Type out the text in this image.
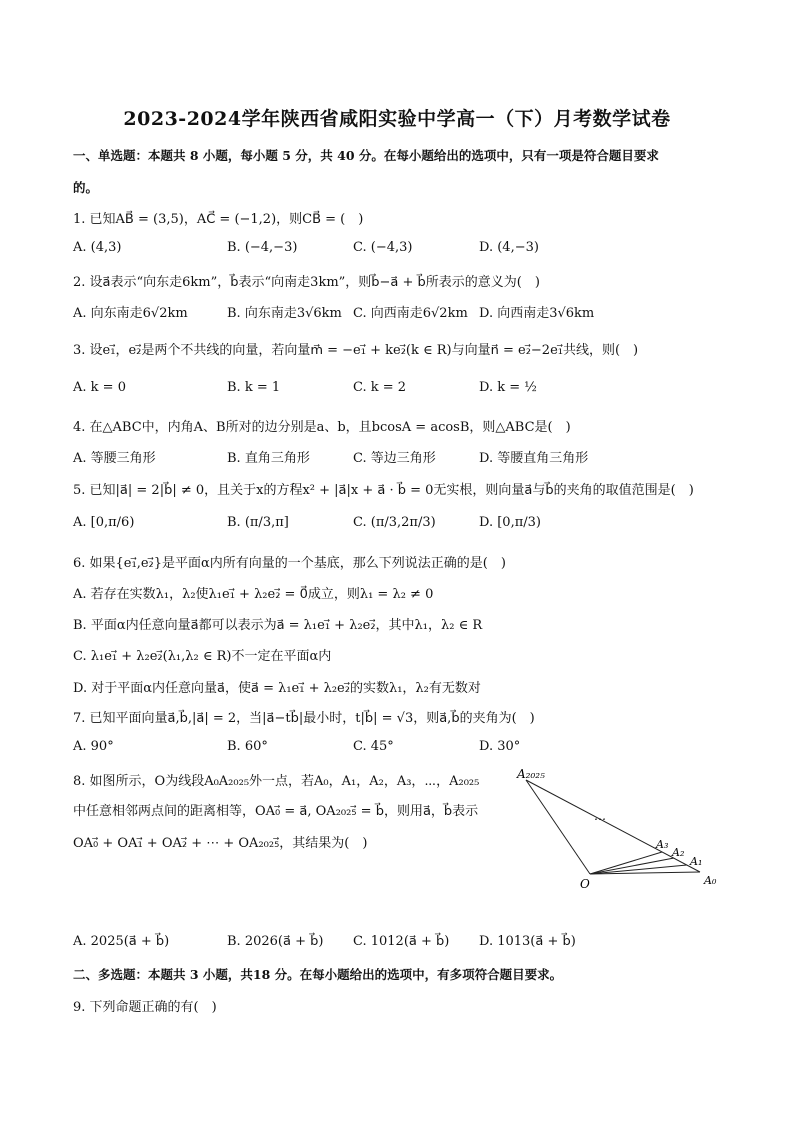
2023-2024学年陕西省咸阳实验中学高一（下）月考数学试卷
一、单选题：本题共 8 小题，每小题 5 分，共 40 分。在每小题给出的选项中，只有一项是符合题目要求
的。
1. 已知AB⃗ = (3,5)，AC⃗ = (−1,2)，则CB⃗ = (　)
A. (4,3)	B. (−4,−3)	C. (−4,3)	D. (4,−3)
2. 设a⃗表示“向东走6km”，b⃗表示“向南走3km”，则b⃗−a⃗ + b⃗所表示的意义为(　)
A. 向东南走6√2km	B. 向东南走3√6km C. 向西南走6√2km D. 向西南走3√6km
3. 设e₁⃗，e₂⃗是两个不共线的向量，若向量m⃗ = −e₁⃗ + ke₂⃗(k ∈ R)与向量n⃗ = e₂⃗−2e₁⃗共线，则(　)
A. k = 0	B. k = 1	C. k = 2	D. k = ½
4. 在△ABC中，内角A、B所对的边分别是a、b，且bcosA = acosB，则△ABC是(　)
A. 等腰三角形	B. 直角三角形	C. 等边三角形	D. 等腰直角三角形
5. 已知|a⃗| = 2|b⃗| ≠ 0，且关于x的方程x² + |a⃗|x + a⃗ · b⃗ = 0无实根，则向量a⃗与b⃗的夹角的取值范围是(　)
A. [0,π/6)	B. (π/3,π]	C. (π/3,2π/3)	D. [0,π/3)
6. 如果{e₁⃗,e₂⃗}是平面α内所有向量的一个基底，那么下列说法正确的是(　)
A. 若存在实数λ₁，λ₂使λ₁e₁⃗ + λ₂e₂⃗ = 0⃗成立，则λ₁ = λ₂ ≠ 0
B. 平面α内任意向量a⃗都可以表示为a⃗ = λ₁e₁⃗ + λ₂e₂⃗，其中λ₁，λ₂ ∈ R
C. λ₁e₁⃗ + λ₂e₂⃗(λ₁,λ₂ ∈ R)不一定在平面α内
D. 对于平面α内任意向量a⃗，使a⃗ = λ₁e₁⃗ + λ₂e₂⃗的实数λ₁，λ₂有无数对
7. 已知平面向量a⃗,b⃗,|a⃗| = 2，当|a⃗−tb⃗|最小时，t|b⃗| = √3，则a⃗,b⃗的夹角为(　)
A. 90°	B. 60°	C. 45°	D. 30°
8. 如图所示，O为线段A₀A₂₀₂₅外一点，若A₀，A₁，A₂，A₃，⋯，A₂₀₂₅
中任意相邻两点间的距离相等，OA₀⃗ = a⃗, OA₂₀₂₅⃗ = b⃗，则用a⃗，b⃗表示
OA₀⃗ + OA₁⃗ + OA₂⃗ + ⋯ + OA₂₀₂₅⃗，其结果为(　)
A₂₀₂₅
…
A₃
A₂
A₁
A₀
O
A. 2025(a⃗ + b⃗)	B. 2026(a⃗ + b⃗) C. 1012(a⃗ + b⃗) D. 1013(a⃗ + b⃗)
二、多选题：本题共 3 小题，共18 分。在每小题给出的选项中，有多项符合题目要求。
9. 下列命题正确的有(　)
